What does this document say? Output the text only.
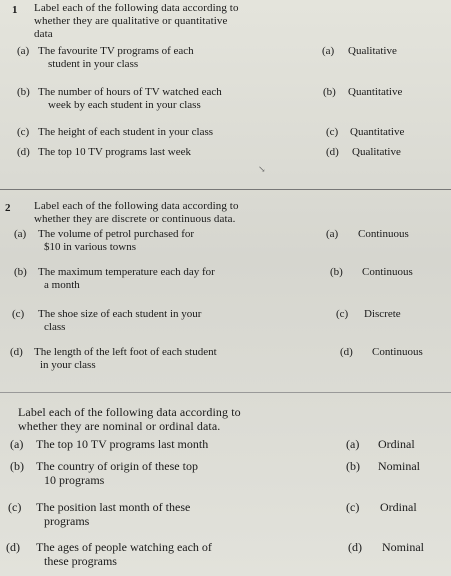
1 Label each of the following data according to
whether they are qualitative or quantitative
data
(a) The favourite TV programs of each
student in your class
(a) Qualitative
(b) The number of hours of TV watched each
week by each student in your class
(b) Quantitative
(c) The height of each student in your class	(c) Quantitative
(d) The top 10 TV programs last week	(d) Qualitative
↘
2 Label each of the following data according to
whether they are discrete or continuous data.
(a)	The volume of petrol purchased for
$10 in various towns
(a) Continuous
(b)	The maximum temperature each day for
a month
(b) Continuous
(c)	The shoe size of each student in your
class
(c) Discrete
(d)	The length of the left foot of each student
in your class
(d) Continuous
Label each of the following data according to
whether they are nominal or ordinal data.
(a)	The top 10 TV programs last month	(a) Ordinal
(b)	The country of origin of these top
10 programs
(b) Nominal
(c)	The position last month of these
programs
(c) Ordinal
(d)	The ages of people watching each of
these programs
(d) Nominal
